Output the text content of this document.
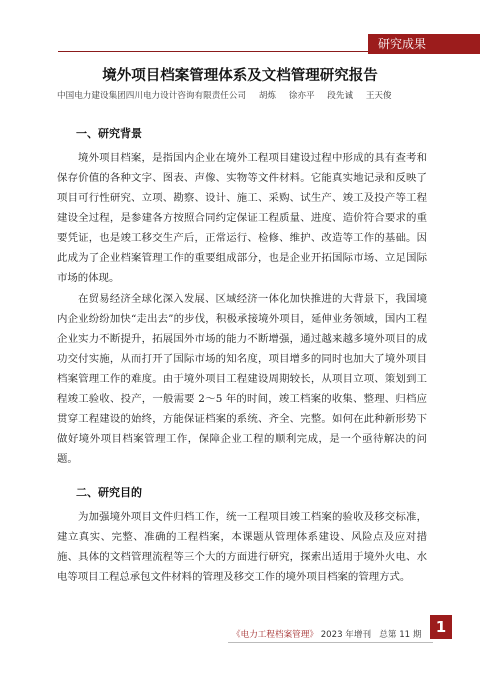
研究成果
境外项目档案管理体系及文档管理研究报告
中国电力建设集团四川电力设计咨询有限责任公司 胡炼 徐亦平 段先诚 王天俊
一、研究背景

境外项目档案，是指国内企业在境外工程项目建设过程中形成的具有查考和保存价值的各种文字、图表、声像、实物等文件材料。它能真实地记录和反映了项目可行性研究、立项、勘察、设计、施工、采购、试生产、竣工及投产等工程建设全过程，是参建各方按照合同约定保证工程质量、进度、造价符合要求的重要凭证，也是竣工移交生产后，正常运行、检修、维护、改造等工作的基础。因此成为了企业档案管理工作的重要组成部分，也是企业开拓国际市场、立足国际市场的体现。

在贸易经济全球化深入发展、区域经济一体化加快推进的大背景下，我国境内企业纷纷加快“走出去”的步伐，积极承接境外项目，延伸业务领域，国内工程企业实力不断提升，拓展国外市场的能力不断增强，通过越来越多境外项目的成功交付实施，从而打开了国际市场的知名度，项目增多的同时也加大了境外项目档案管理工作的难度。由于境外项目工程建设周期较长，从项目立项、策划到工程竣工验收、投产，一般需要 2～5 年的时间，竣工档案的收集、整理、归档应贯穿工程建设的始终，方能保证档案的系统、齐全、完整。如何在此种新形势下做好境外项目档案管理工作，保障企业工程的顺利完成，是一个亟待解决的问题。

二、研究目的

为加强境外项目文件归档工作，统一工程项目竣工档案的验收及移交标准，建立真实、完整、准确的工程档案，本课题从管理体系建设、风险点及应对措施、具体的文档管理流程等三个大的方面进行研究，探索出适用于境外火电、水电等项目工程总承包文件材料的管理及移交工作的境外项目档案的管理方式。

《电力工程档案管理》 2023 年增刊 总第 11 期 1
